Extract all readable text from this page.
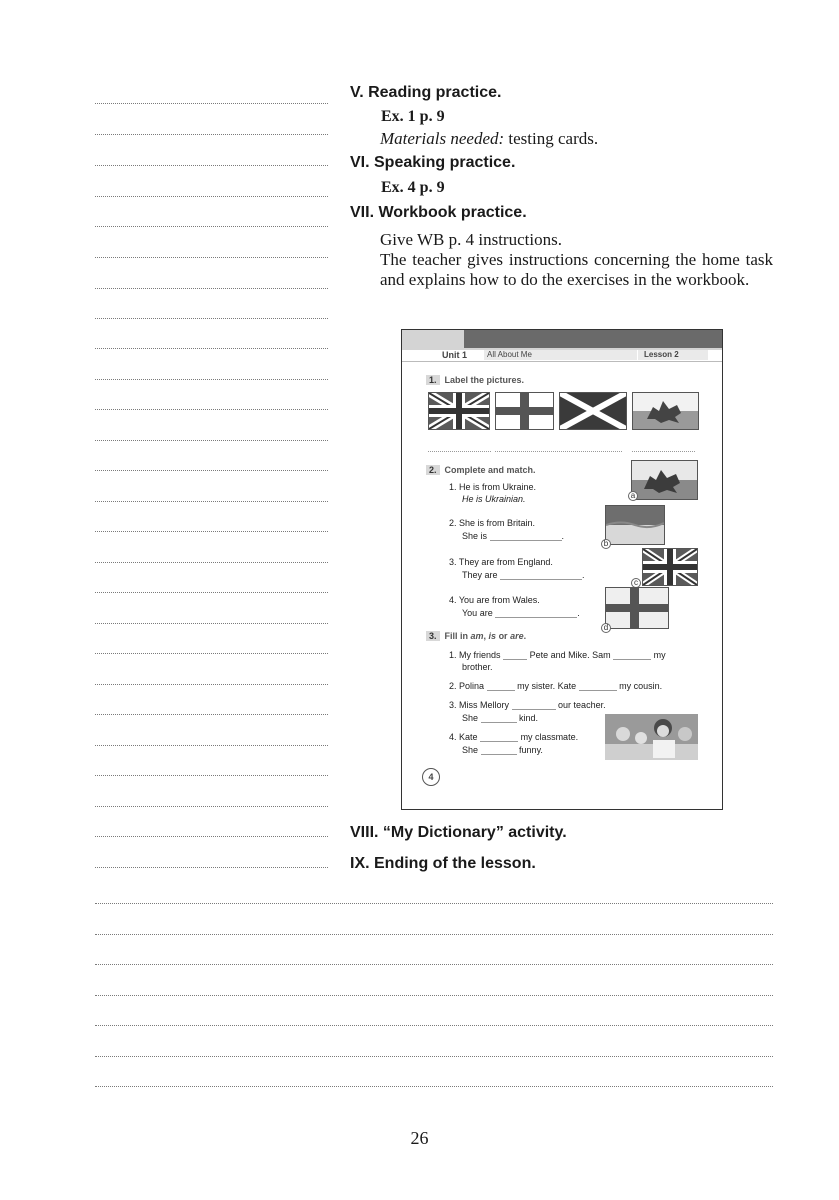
V. Reading practice.
Ex. 1 p. 9
Materials needed: testing cards.
VI. Speaking practice.
Ex. 4 p. 9
VII. Workbook practice.
Give WB p. 4 instructions.
The teacher gives instructions concerning the home task and explains how to do the exercises in the workbook.
Unit 1	All About Me	Lesson 2
1. Label the pictures.
2. Complete and match.
1. He is from Ukraine.
He is Ukrainian.
2. She is from Britain.
She is	.
3. They are from England.
They are	.
4. You are from Wales.
You are	.
a
b
c
d
3. Fill in am, is or are.
1. My friends	Pete and Mike. Sam	my
brother.
2. Polina	my sister. Kate	my cousin.
3. Miss Mellory	our teacher.
She	kind.
4. Kate	my classmate.
She	funny.
4
VIII. “My Dictionary” activity.
IX. Ending of the lesson.
26
